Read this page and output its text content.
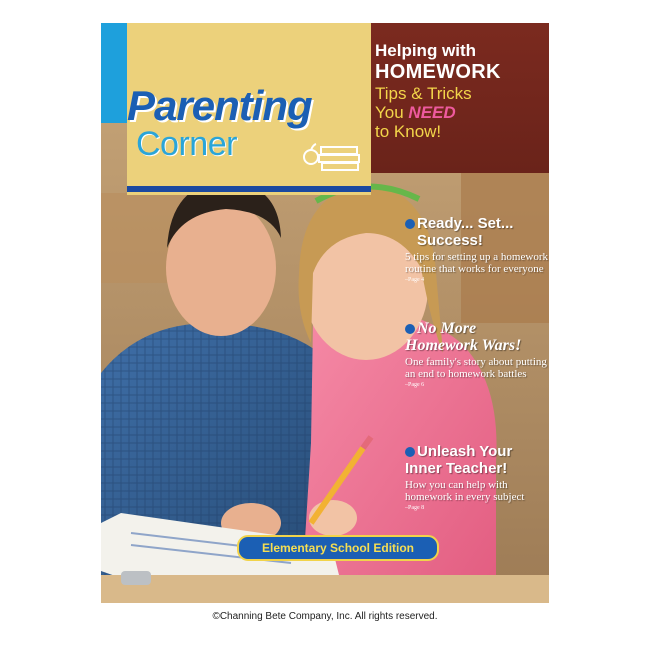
Parenting
Corner
Helping with
HOMEWORK
Tips & Tricks
You NEED
to Know!
Ready... Set...
Success!
5 tips for setting up a homework routine that works for everyone
–Page 4
No More
Homework Wars!
One family's story about putting an end to homework battles
–Page 6
Unleash Your
Inner Teacher!
How you can help with homework in every subject
–Page 8
Elementary School Edition
©Channing Bete Company, Inc. All rights reserved.
